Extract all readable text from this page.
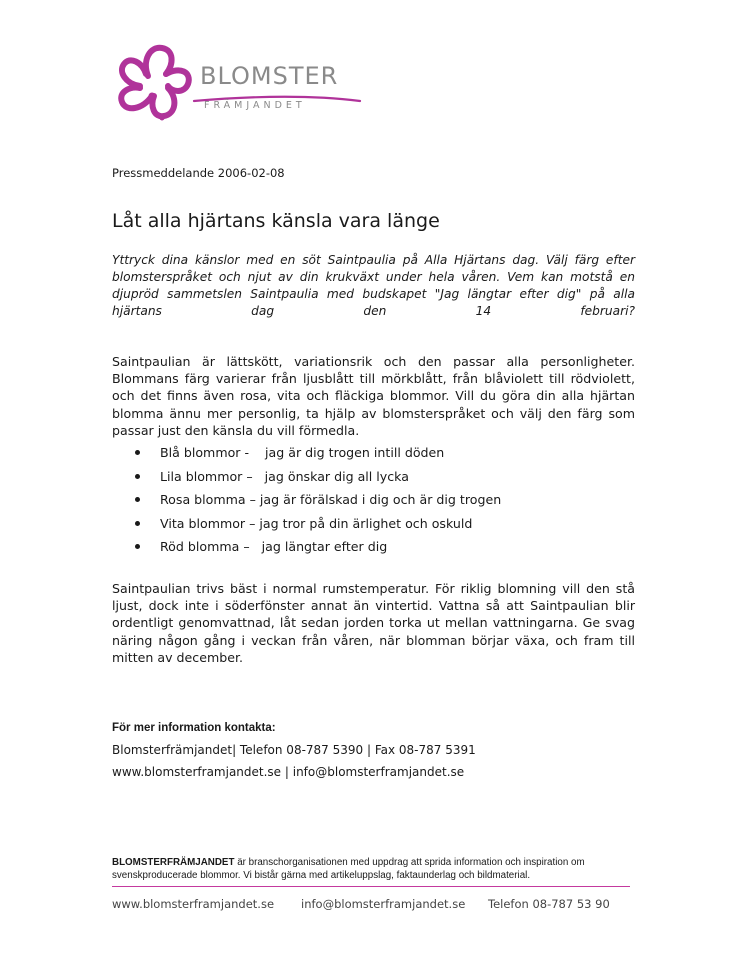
BLOMSTER
FRÄMJANDET
Pressmeddelande 2006-02-08
Låt alla hjärtans känsla vara länge

Yttryck dina känslor med en söt Saintpaulia på Alla Hjärtans dag. Välj färg efter blomsterspråket och njut av din krukväxt under hela våren. Vem kan motstå en djupröd sammetslen Saintpaulia med budskapet "Jag längtar efter dig" på alla hjärtans dag den 14 februari?

Saintpaulian är lättskött, variationsrik och den passar alla personligheter. Blommans färg varierar från ljusblått till mörkblått, från blåviolett till rödviolett, och det finns även rosa, vita och fläckiga blommor. Vill du göra din alla hjärtan blomma ännu mer personlig, ta hjälp av blomsterspråket och välj den färg som passar just den känsla du vill förmedla.

Blå blommor -    jag är dig trogen intill döden
Lila blommor –   jag önskar dig all lycka
Rosa blomma – jag är förälskad i dig och är dig trogen
Vita blommor – jag tror på din ärlighet och oskuld
Röd blomma –   jag längtar efter dig

Saintpaulian trivs bäst i normal rumstemperatur. För riklig blomning vill den stå ljust, dock inte i söderfönster annat än vintertid. Vattna så att Saintpaulian blir ordentligt genomvattnad, låt sedan jorden torka ut mellan vattningarna. Ge svag näring någon gång i veckan från våren, när blomman börjar växa, och fram till mitten av december.

För mer information kontakta:
Blomsterfrämjandet| Telefon 08-787 5390 | Fax 08-787 5391
www.blomsterframjandet.se | info@blomsterframjandet.se
BLOMSTERFRÄMJANDET är branschorganisationen med uppdrag att sprida information och inspiration om svenskproducerade blommor. Vi bistår gärna med artikeluppslag, faktaunderlag och bildmaterial.
www.blomsterframjandet.se info@blomsterframjandet.se Telefon 08-787 53 90
